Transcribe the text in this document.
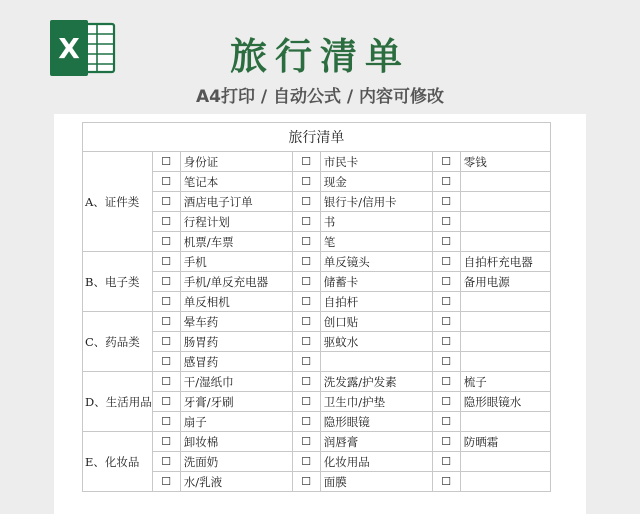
X	旅行清单
A4打印 / 自动公式 / 内容可修改
旅行清单						
A、证件类	☐	身份证	☐	市民卡	☐	零钱
	☐	笔记本	☐	现金	☐	
	☐	酒店电子订单	☐	银行卡/信用卡	☐	
	☐	行程计划	☐	书	☐	
	☐	机票/车票	☐	笔	☐	
B、电子类	☐	手机	☐	单反镜头	☐	自拍杆充电器
	☐	手机/单反充电器	☐	储蓄卡	☐	备用电源
	☐	单反相机	☐	自拍杆	☐	
C、药品类	☐	晕车药	☐	创口贴	☐	
	☐	肠胃药	☐	驱蚊水	☐	
	☐	感冒药	☐		☐	
D、生活用品	☐	干/湿纸巾	☐	洗发露/护发素	☐	梳子
	☐	牙膏/牙刷	☐	卫生巾/护垫	☐	隐形眼镜水
	☐	扇子	☐	隐形眼镜	☐	
E、化妆品	☐	卸妆棉	☐	润唇膏	☐	防晒霜
	☐	洗面奶	☐	化妆用品	☐	
	☐	水/乳液	☐	面膜	☐	
